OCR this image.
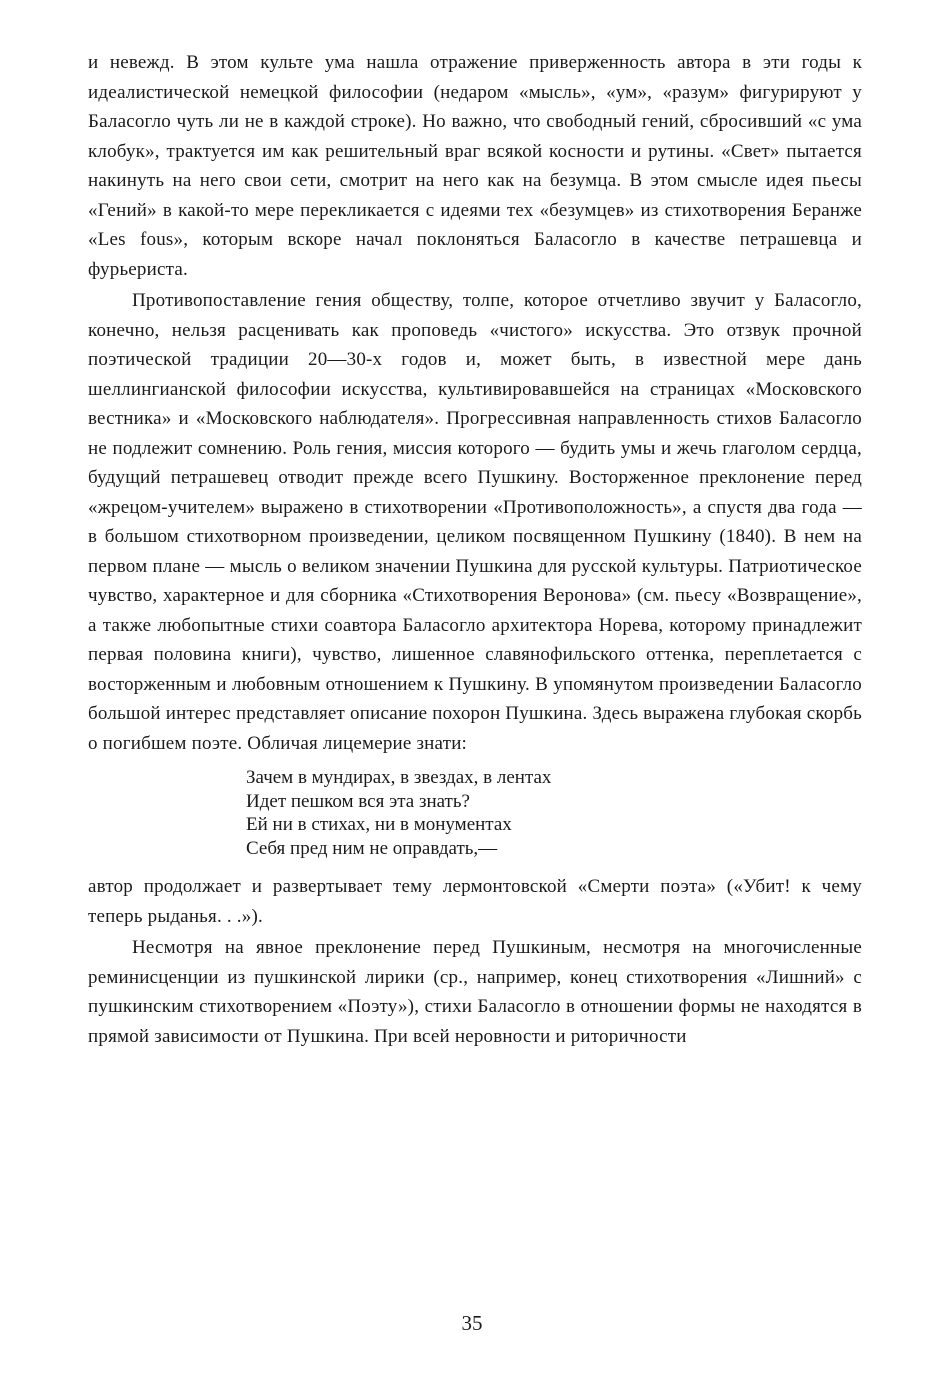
и невежд. В этом культе ума нашла отражение приверженность автора в эти годы к идеалистической немецкой философии (недаром «мысль», «ум», «разум» фигурируют у Баласогло чуть ли не в каждой строке). Но важно, что свободный гений, сбросивший «с ума клобук», трактуется им как решительный враг всякой косности и рутины. «Свет» пытается накинуть на него свои сети, смотрит на него как на безумца. В этом смысле идея пьесы «Гений» в какой-то мере перекликается с идеями тех «безумцев» из стихотворения Беранже «Les fous», которым вскоре начал поклоняться Баласогло в качестве петрашевца и фурьериста.

Противопоставление гения обществу, толпе, которое отчетливо звучит у Баласогло, конечно, нельзя расценивать как проповедь «чистого» искусства. Это отзвук прочной поэтической традиции 20—30-х годов и, может быть, в известной мере дань шеллингианской философии искусства, культивировавшейся на страницах «Московского вестника» и «Московского наблюдателя». Прогрессивная направленность стихов Баласогло не подлежит сомнению. Роль гения, миссия которого — будить умы и жечь глаголом сердца, будущий петрашевец отводит прежде всего Пушкину. Восторженное преклонение перед «жрецом-учителем» выражено в стихотворении «Противоположность», а спустя два года — в большом стихотворном произведении, целиком посвященном Пушкину (1840). В нем на первом плане — мысль о великом значении Пушкина для русской культуры. Патриотическое чувство, характерное и для сборника «Стихотворения Веронова» (см. пьесу «Возвращение», а также любопытные стихи соавтора Баласогло архитектора Норева, которому принадлежит первая половина книги), чувство, лишенное славянофильского оттенка, переплетается с восторженным и любовным отношением к Пушкину. В упомянутом произведении Баласогло большой интерес представляет описание похорон Пушкина. Здесь выражена глубокая скорбь о погибшем поэте. Обличая лицемерие знати:

Зачем в мундирах, в звездах, в лентах
Идет пешком вся эта знать?
Ей ни в стихах, ни в монументах
Себя пред ним не оправдать,—

автор продолжает и развертывает тему лермонтовской «Смерти поэта» («Убит! к чему теперь рыданья. . .»).

Несмотря на явное преклонение перед Пушкиным, несмотря на многочисленные реминисценции из пушкинской лирики (ср., например, конец стихотворения «Лишний» с пушкинским стихотворением «Поэту»), стихи Баласогло в отношении формы не находятся в прямой зависимости от Пушкина. При всей неровности и риторичности

35
